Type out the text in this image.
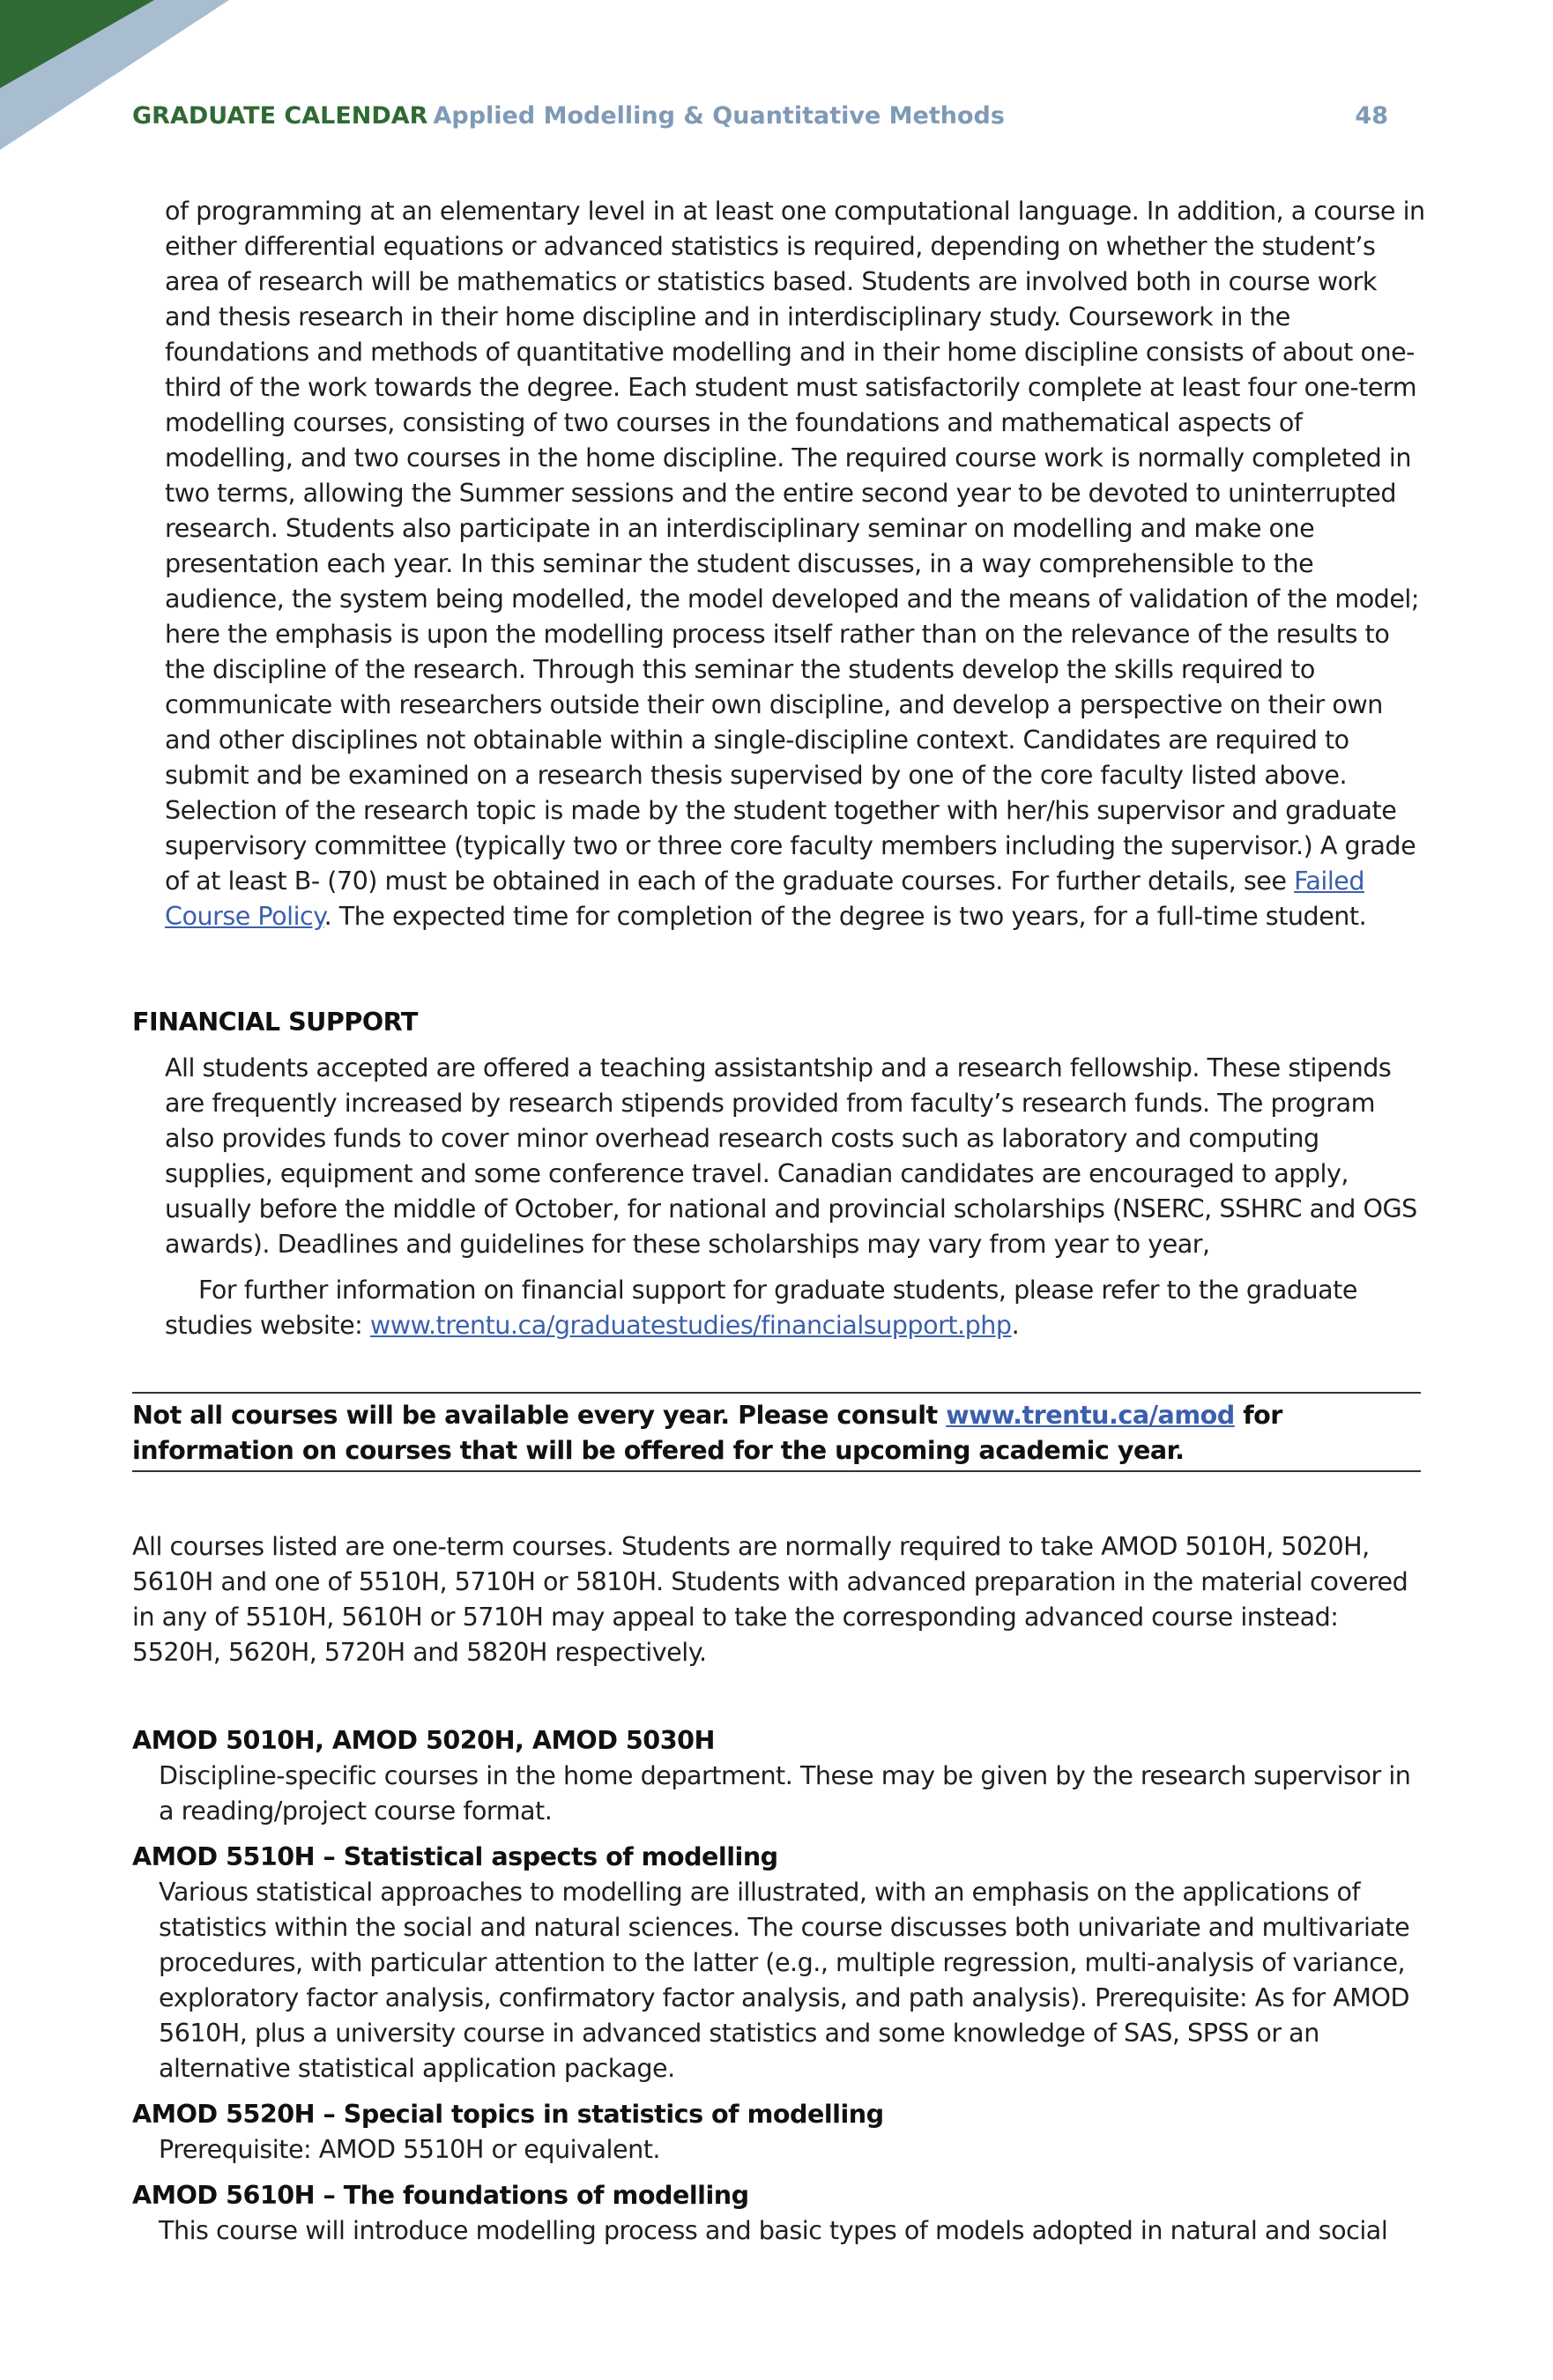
GRADUATE CALENDAR Applied Modelling & Quantitative Methods	48

of programming at an elementary level in at least one computational language. In addition, a course in either differential equations or advanced statistics is required, depending on whether the student’s area of research will be mathematics or statistics based. Students are involved both in course work and thesis research in their home discipline and in interdisciplinary study. Coursework in the foundations and methods of quantitative modelling and in their home discipline consists of about one-third of the work towards the degree. Each student must satisfactorily complete at least four one-term modelling courses, consisting of two courses in the foundations and mathematical aspects of modelling, and two courses in the home discipline. The required course work is normally completed in two terms, allowing the Summer sessions and the entire second year to be devoted to uninterrupted research. Students also participate in an interdisciplinary seminar on modelling and make one presentation each year. In this seminar the student discusses, in a way comprehensible to the audience, the system being modelled, the model developed and the means of validation of the model; here the emphasis is upon the modelling process itself rather than on the relevance of the results to the discipline of the research. Through this seminar the students develop the skills required to communicate with researchers outside their own discipline, and develop a perspective on their own and other disciplines not obtainable within a single-discipline context. Candidates are required to submit and be examined on a research thesis supervised by one of the core faculty listed above. Selection of the research topic is made by the student together with her/his supervisor and graduate supervisory committee (typically two or three core faculty members including the supervisor.) A grade of at least B- (70) must be obtained in each of the graduate courses. For further details, see Failed Course Policy. The expected time for completion of the degree is two years, for a full-time student.

FINANCIAL SUPPORT

All students accepted are offered a teaching assistantship and a research fellowship. These stipends are frequently increased by research stipends provided from faculty’s research funds. The program also provides funds to cover minor overhead research costs such as laboratory and computing supplies, equipment and some conference travel. Canadian candidates are encouraged to apply, usually before the middle of October, for national and provincial scholarships (NSERC, SSHRC and OGS awards). Deadlines and guidelines for these scholarships may vary from year to year,

For further information on financial support for graduate students, please refer to the graduate studies website: www.trentu.ca/graduatestudies/financialsupport.php.

Not all courses will be available every year. Please consult www.trentu.ca/amod for information on courses that will be offered for the upcoming academic year.

All courses listed are one-term courses. Students are normally required to take AMOD 5010H, 5020H, 5610H and one of 5510H, 5710H or 5810H. Students with advanced preparation in the material covered in any of 5510H, 5610H or 5710H may appeal to take the corresponding advanced course instead: 5520H, 5620H, 5720H and 5820H respectively.

AMOD 5010H, AMOD 5020H, AMOD 5030H

Discipline-specific courses in the home department. These may be given by the research supervisor in a reading/project course format.

AMOD 5510H – Statistical aspects of modelling

Various statistical approaches to modelling are illustrated, with an emphasis on the applications of statistics within the social and natural sciences. The course discusses both univariate and multivariate procedures, with particular attention to the latter (e.g., multiple regression, multi-analysis of variance, exploratory factor analysis, confirmatory factor analysis, and path analysis). Prerequisite: As for AMOD 5610H, plus a university course in advanced statistics and some knowledge of SAS, SPSS or an alternative statistical application package.

AMOD 5520H – Special topics in statistics of modelling

Prerequisite: AMOD 5510H or equivalent.

AMOD 5610H – The foundations of modelling

This course will introduce modelling process and basic types of models adopted in natural and social
